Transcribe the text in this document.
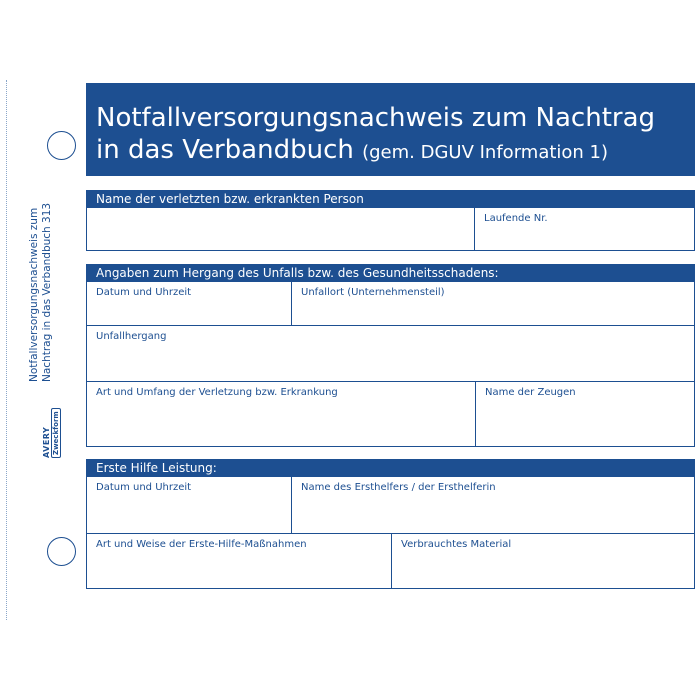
Notfallversorgungsnachweis zum Nachtrag in das Verbandbuch 313
AVERY Zweckform
Notfallversorgungsnachweis zum Nachtrag
in das Verbandbuch (gem. DGUV Information 1)
Name der verletzten bzw. erkrankten Person
Laufende Nr.
Angaben zum Hergang des Unfalls bzw. des Gesundheitsschadens:
Datum und Uhrzeit	Unfallort (Unternehmensteil)
Unfallhergang
Art und Umfang der Verletzung bzw. Erkrankung	Name der Zeugen
Erste Hilfe Leistung:
Datum und Uhrzeit	Name des Ersthelfers / der Ersthelferin
Art und Weise der Erste-Hilfe-Maßnahmen	Verbrauchtes Material
